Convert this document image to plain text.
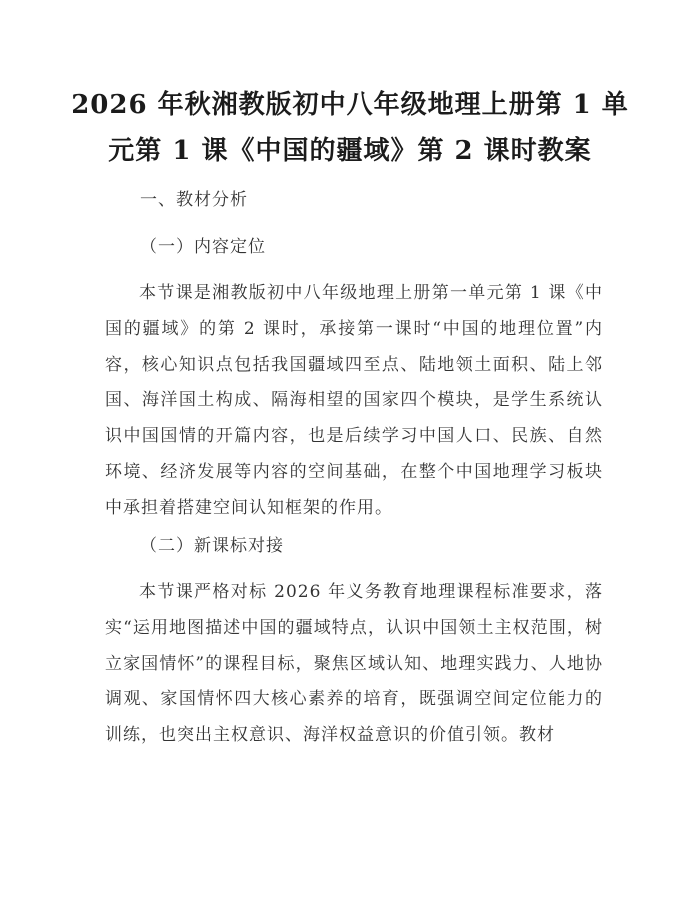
2026 年秋湘教版初中八年级地理上册第 1 单
元第 1 课《中国的疆域》第 2 课时教案

一、教材分析

（一）内容定位

本节课是湘教版初中八年级地理上册第一单元第 1 课《中国的疆域》的第 2 课时，承接第一课时“中国的地理位置”内容，核心知识点包括我国疆域四至点、陆地领土面积、陆上邻国、海洋国土构成、隔海相望的国家四个模块，是学生系统认识中国国情的开篇内容，也是后续学习中国人口、民族、自然环境、经济发展等内容的空间基础，在整个中国地理学习板块中承担着搭建空间认知框架的作用。

（二）新课标对接

本节课严格对标 2026 年义务教育地理课程标准要求，落实“运用地图描述中国的疆域特点，认识中国领土主权范围，树立家国情怀”的课程目标，聚焦区域认知、地理实践力、人地协调观、家国情怀四大核心素养的培育，既强调空间定位能力的训练，也突出主权意识、海洋权益意识的价值引领。教材
